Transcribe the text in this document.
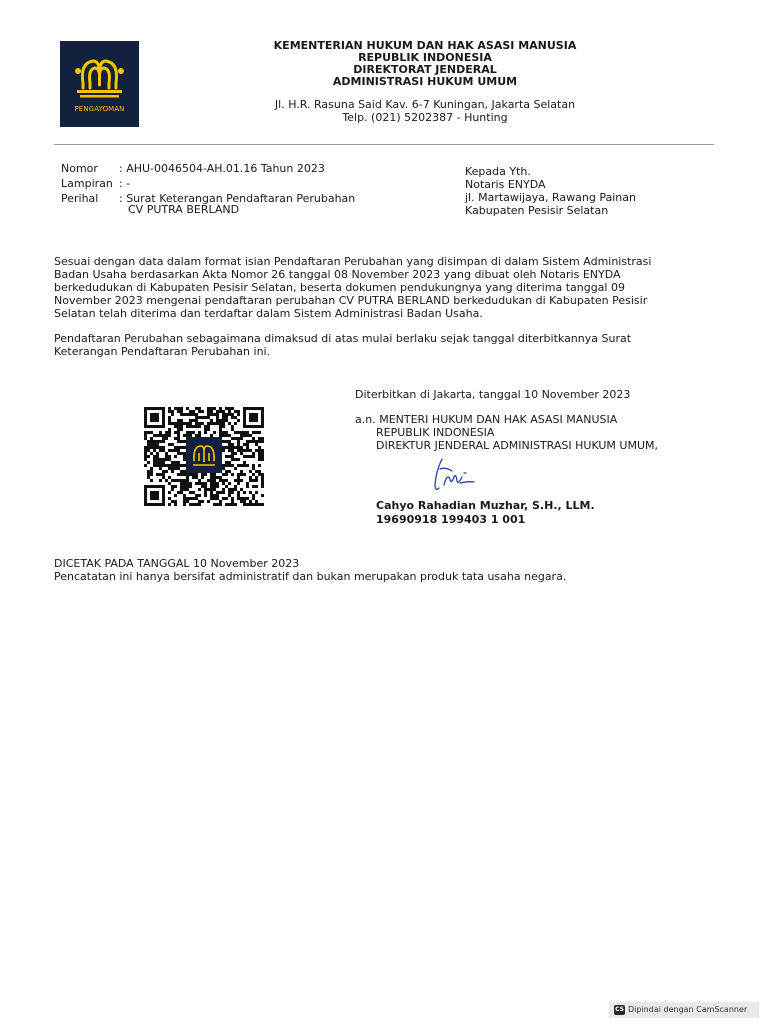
PENGAYOMAN
KEMENTERIAN HUKUM DAN HAK ASASI MANUSIA
REPUBLIK INDONESIA
DIREKTORAT JENDERAL
ADMINISTRASI HUKUM UMUM
Jl. H.R. Rasuna Said Kav. 6-7 Kuningan, Jakarta Selatan
Telp. (021) 5202387 - Hunting
Nomor : AHU-0046504-AH.01.16 Tahun 2023
Lampiran : -
Perihal : Surat Keterangan Pendaftaran Perubahan
CV PUTRA BERLAND
Kepada Yth.
Notaris ENYDA
jl. Martawijaya, Rawang Painan
Kabupaten Pesisir Selatan
Sesuai dengan data dalam format isian Pendaftaran Perubahan yang disimpan di dalam Sistem Administrasi
Badan Usaha berdasarkan Akta Nomor 26 tanggal 08 November 2023 yang dibuat oleh Notaris ENYDA
berkedudukan di Kabupaten Pesisir Selatan, beserta dokumen pendukungnya yang diterima tanggal 09
November 2023 mengenai pendaftaran perubahan CV PUTRA BERLAND berkedudukan di Kabupaten Pesisir
Selatan telah diterima dan terdaftar dalam Sistem Administrasi Badan Usaha.
Pendaftaran Perubahan sebagaimana dimaksud di atas mulai berlaku sejak tanggal diterbitkannya Surat
Keterangan Pendaftaran Perubahan ini.
Diterbitkan di Jakarta, tanggal 10 November 2023
a.n. MENTERI HUKUM DAN HAK ASASI MANUSIA
REPUBLIK INDONESIA
DIREKTUR JENDERAL ADMINISTRASI HUKUM UMUM,
Cahyo Rahadian Muzhar, S.H., LLM.
19690918 199403 1 001
DICETAK PADA TANGGAL 10 November 2023
Pencatatan ini hanya bersifat administratif dan bukan merupakan produk tata usaha negara.
CS Dipindai dengan CamScanner
